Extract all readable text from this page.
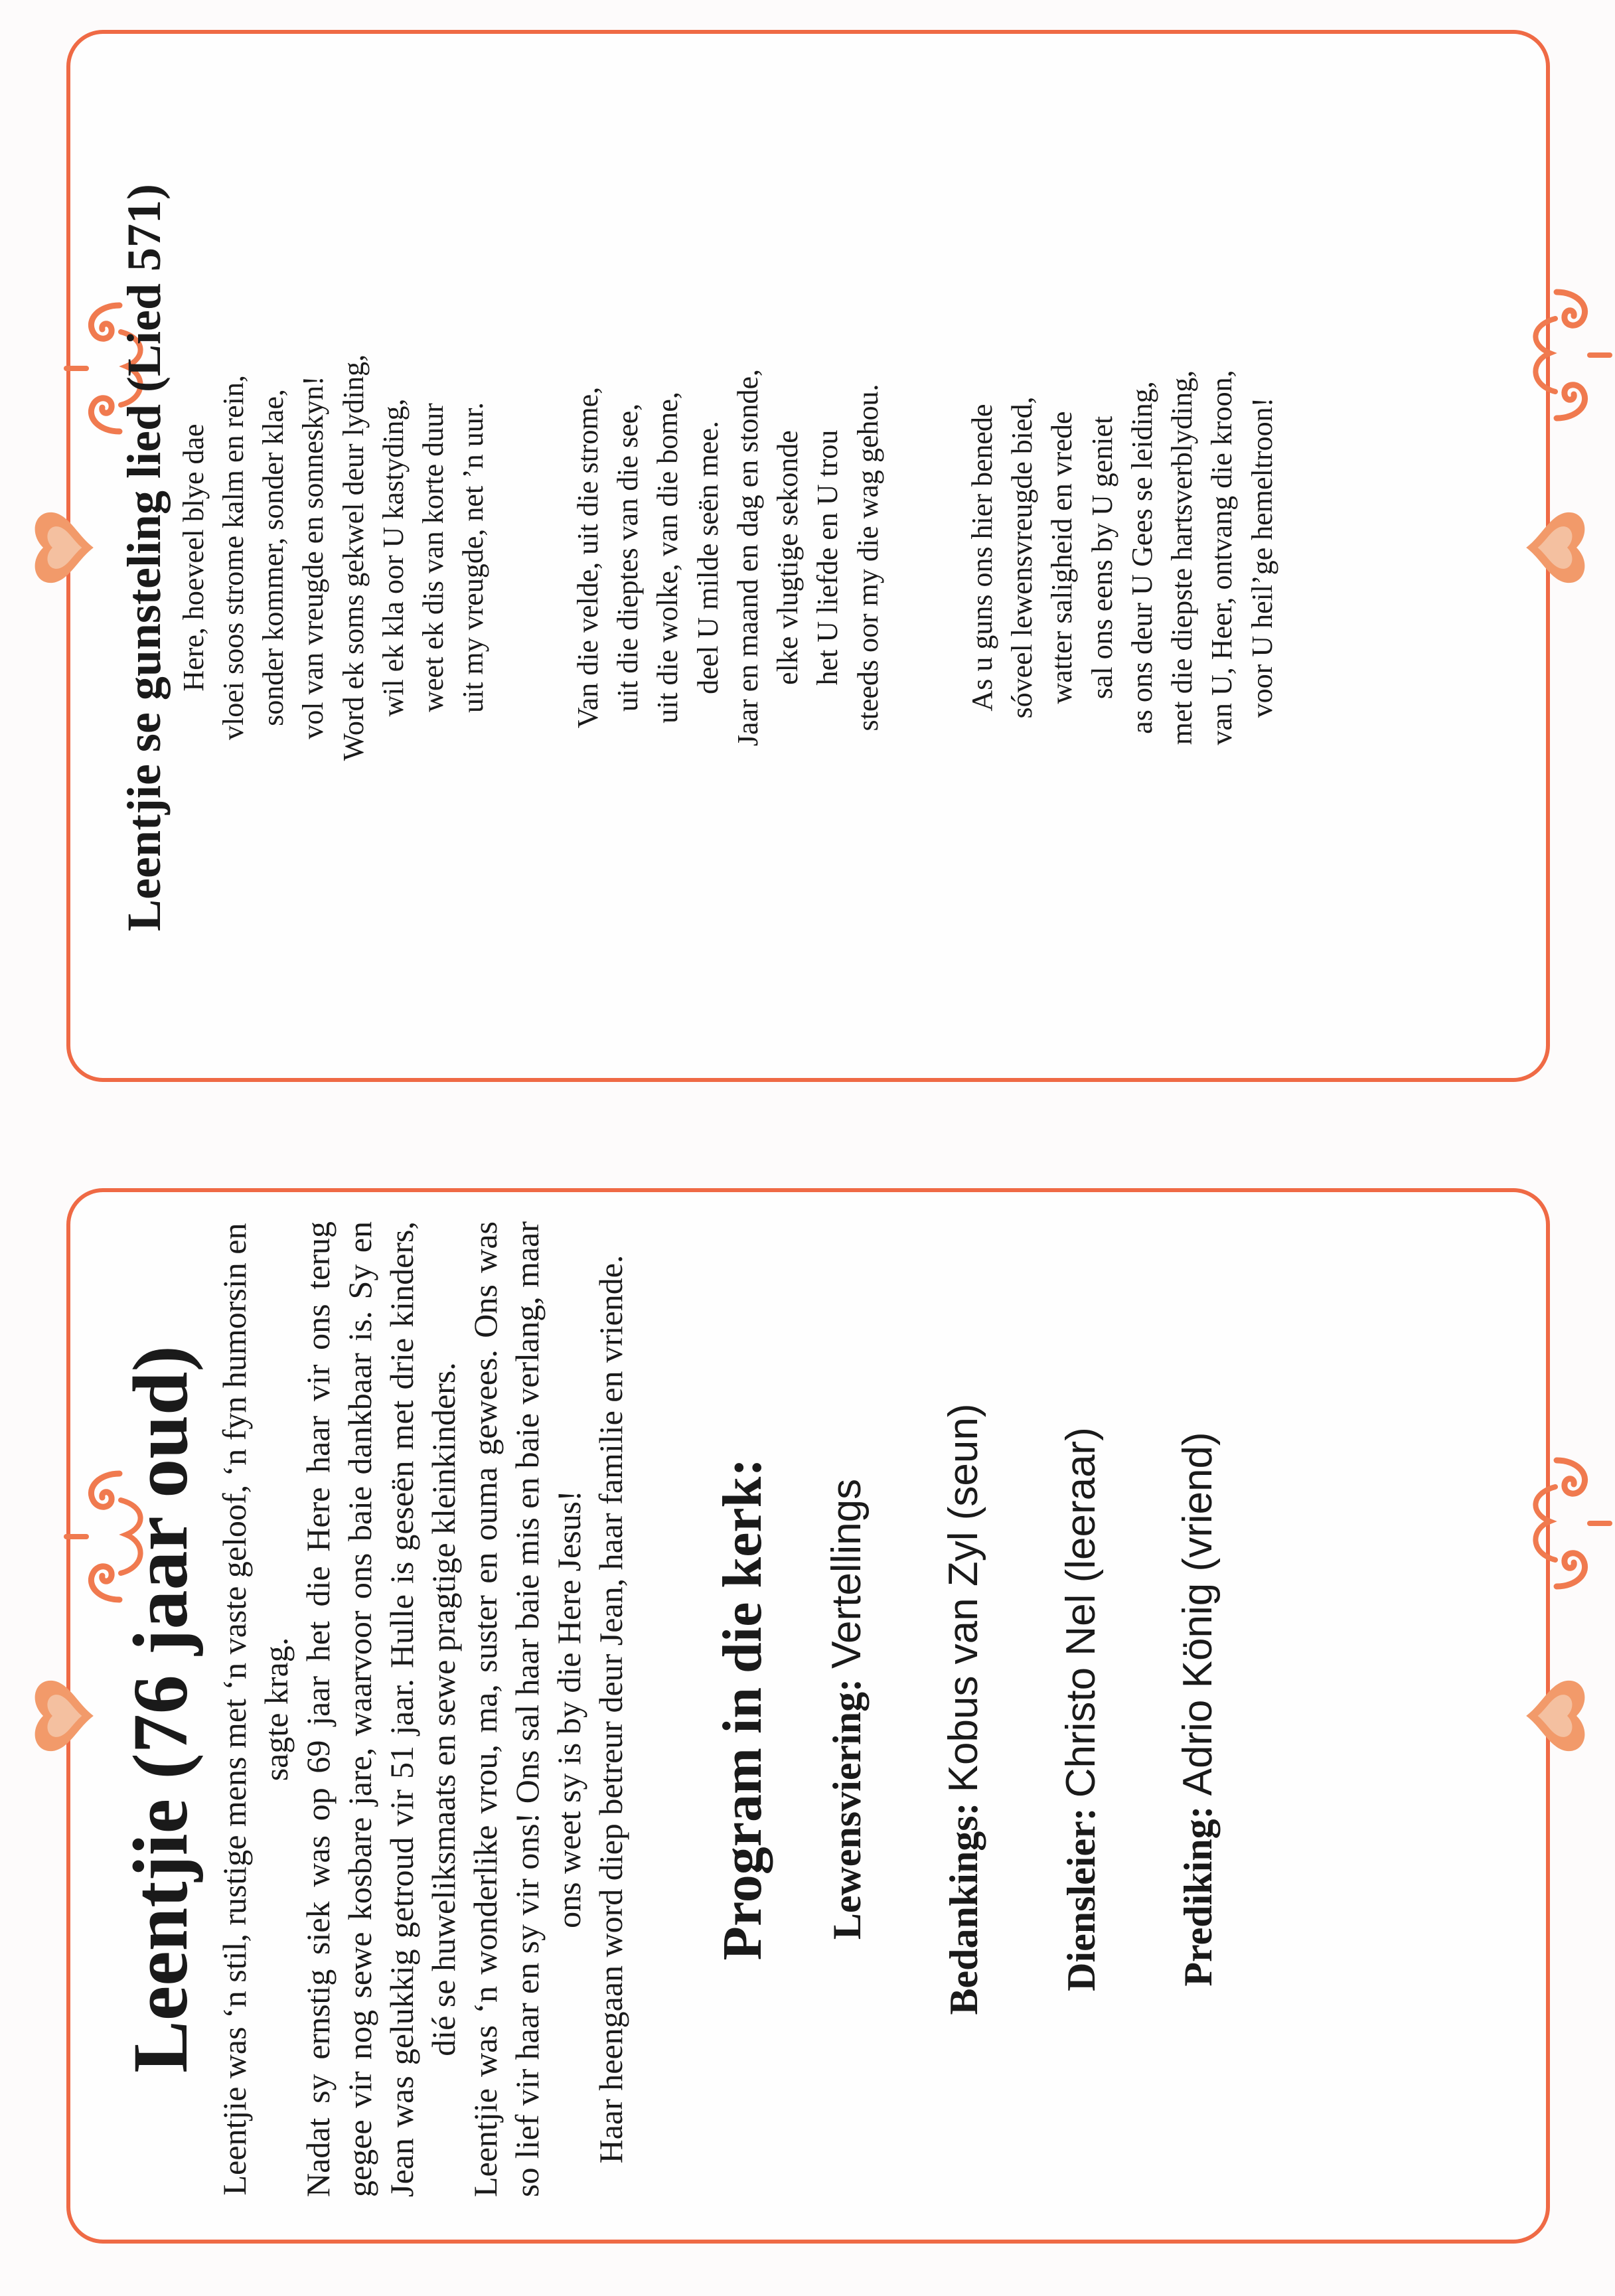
Leentjie se gunsteling lied (Lied 571) Here, hoeveel blye dae vloei soos strome kalm en rein, sonder kommer, sonder klae, vol van vreugde en sonneskyn! Word ek soms gekwel deur lyding, wil ek kla oor U kastyding, weet ek dis van korte duur uit my vreugde, net ’n uur.	Van die velde, uit die strome, uit die dieptes van die see, uit die wolke, van die bome, deel U milde seën mee. Jaar en maand en dag en stonde, elke vlugtige sekonde het U liefde en U trou steeds oor my die wag gehou.	As u guns ons hier benede sóveel lewensvreugde bied, watter saligheid en vrede sal ons eens by U geniet as ons deur U Gees se leiding, met die diepste hartsverblyding, van U, Heer, ontvang die kroon, voor U heil’ge hemeltroon!

Leentjie (76 jaar oud) Leentjie was ‘n stil, rustige mens met ‘n vaste geloof, ‘n fyn humorsin en sagte krag. Nadat sy ernstig siek was op 69 jaar het die Here haar vir ons terug gegee vir nog sewe kosbare jare, waarvoor ons baie dankbaar is. Sy en Jean was gelukkig getroud vir 51 jaar. Hulle is geseën met drie kinders, dié se huweliksmaats en sewe pragtige kleinkinders. Leentjie was ‘n wonderlike vrou, ma, suster en ouma gewees. Ons was so lief vir haar en sy vir ons! Ons sal haar baie mis en baie verlang, maar ons weet sy is by die Here Jesus! Haar heengaan word diep betreur deur Jean, haar familie en vriende. Program in die kerk: Lewensviering: Vertellings
Bedankings: Kobus van Zyl (seun)
Diensleier: Christo Nel (leeraar)
Prediking: Adrio König (vriend)
